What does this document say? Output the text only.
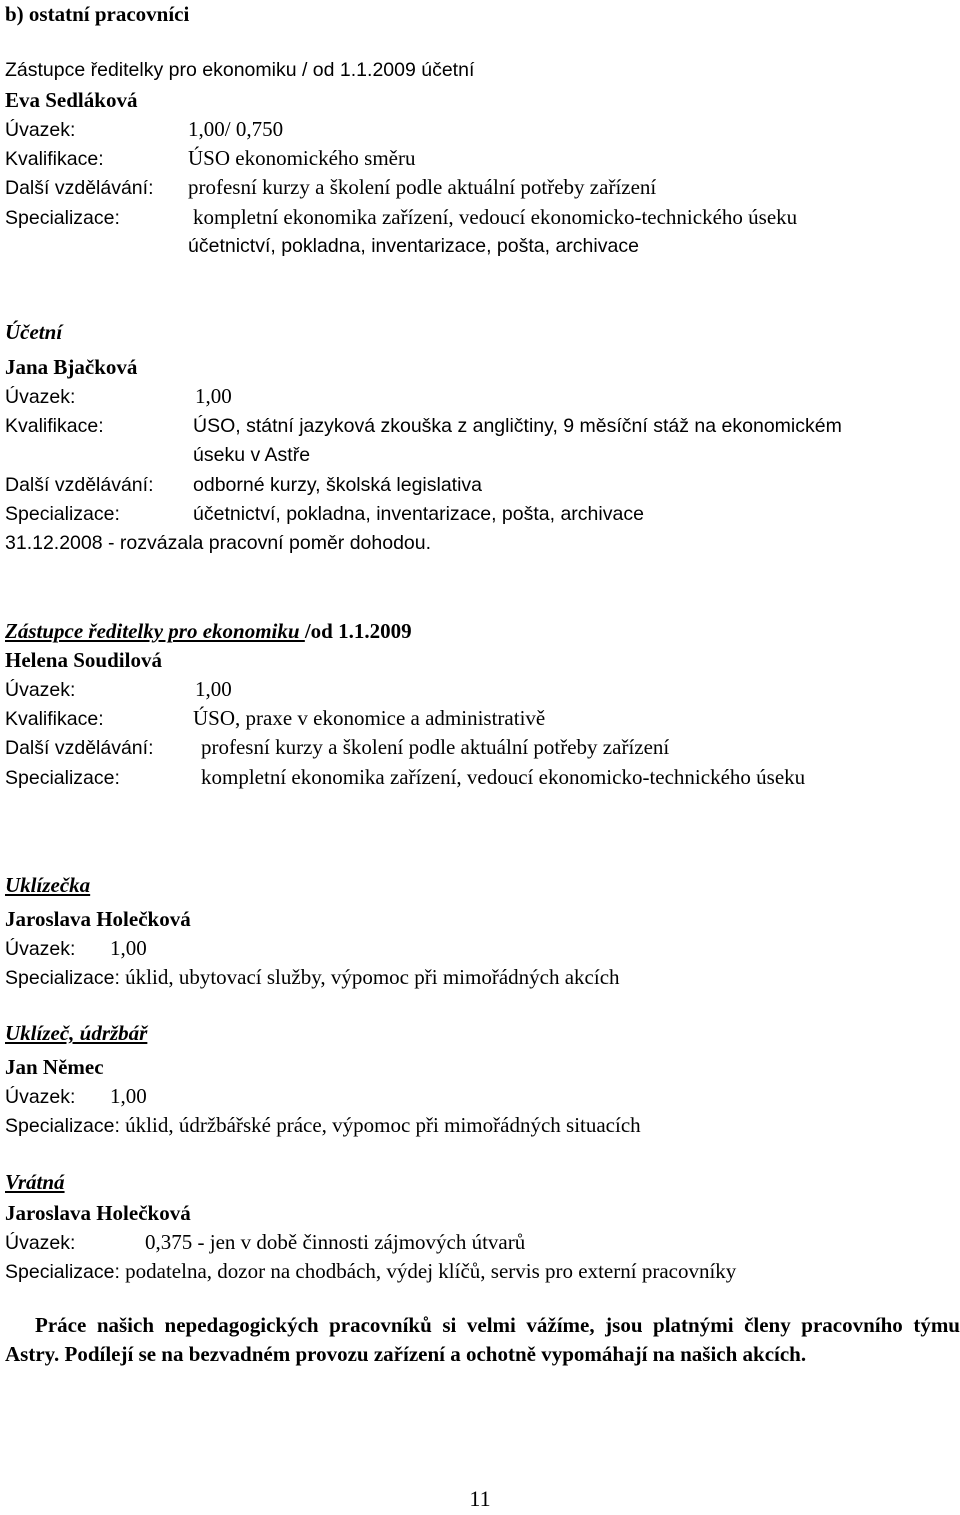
b) ostatní pracovníci
Zástupce ředitelky pro ekonomiku / od 1.1.2009 účetní
Eva Sedláková
Úvazek:	1,00/ 0,750
Kvalifikace:	ÚSO ekonomického směru
Další vzdělávání: profesní kurzy a školení podle aktuální potřeby zařízení
Specializace:	kompletní ekonomika zařízení, vedoucí ekonomicko-technického úseku
účetnictví, pokladna, inventarizace, pošta, archivace
Účetní
Jana Bjačková
Úvazek:	1,00
Kvalifikace:	ÚSO, státní jazyková zkouška z angličtiny, 9 měsíční stáž na ekonomickém
úseku v Astře
Další vzdělávání: odborné kurzy, školská legislativa
Specializace:	účetnictví, pokladna, inventarizace, pošta, archivace
31.12.2008 - rozvázala pracovní poměr dohodou.
Zástupce ředitelky pro ekonomiku /od 1.1.2009
Helena Soudilová
Úvazek:	1,00
Kvalifikace:	ÚSO, praxe v ekonomice a administrativě
Další vzdělávání: profesní kurzy a školení podle aktuální potřeby zařízení
Specializace:	kompletní ekonomika zařízení, vedoucí ekonomicko-technického úseku
Uklízečka
Jaroslava Holečková
Úvazek: 1,00
Specializace: úklid, ubytovací služby, výpomoc při mimořádných akcích
Uklízeč, údržbář
Jan Němec
Úvazek: 1,00
Specializace: úklid, údržbářské práce, výpomoc při mimořádných situacích
Vrátná
Jaroslava Holečková
Úvazek:	0,375 - jen v době činnosti zájmových útvarů
Specializace: podatelna, dozor na chodbách, výdej klíčů, servis pro externí pracovníky
Práce našich nepedagogických pracovníků si velmi vážíme, jsou platnými členy pracovního týmu Astry. Podílejí se na bezvadném provozu zařízení a ochotně vypomáhají na našich akcích.
11
